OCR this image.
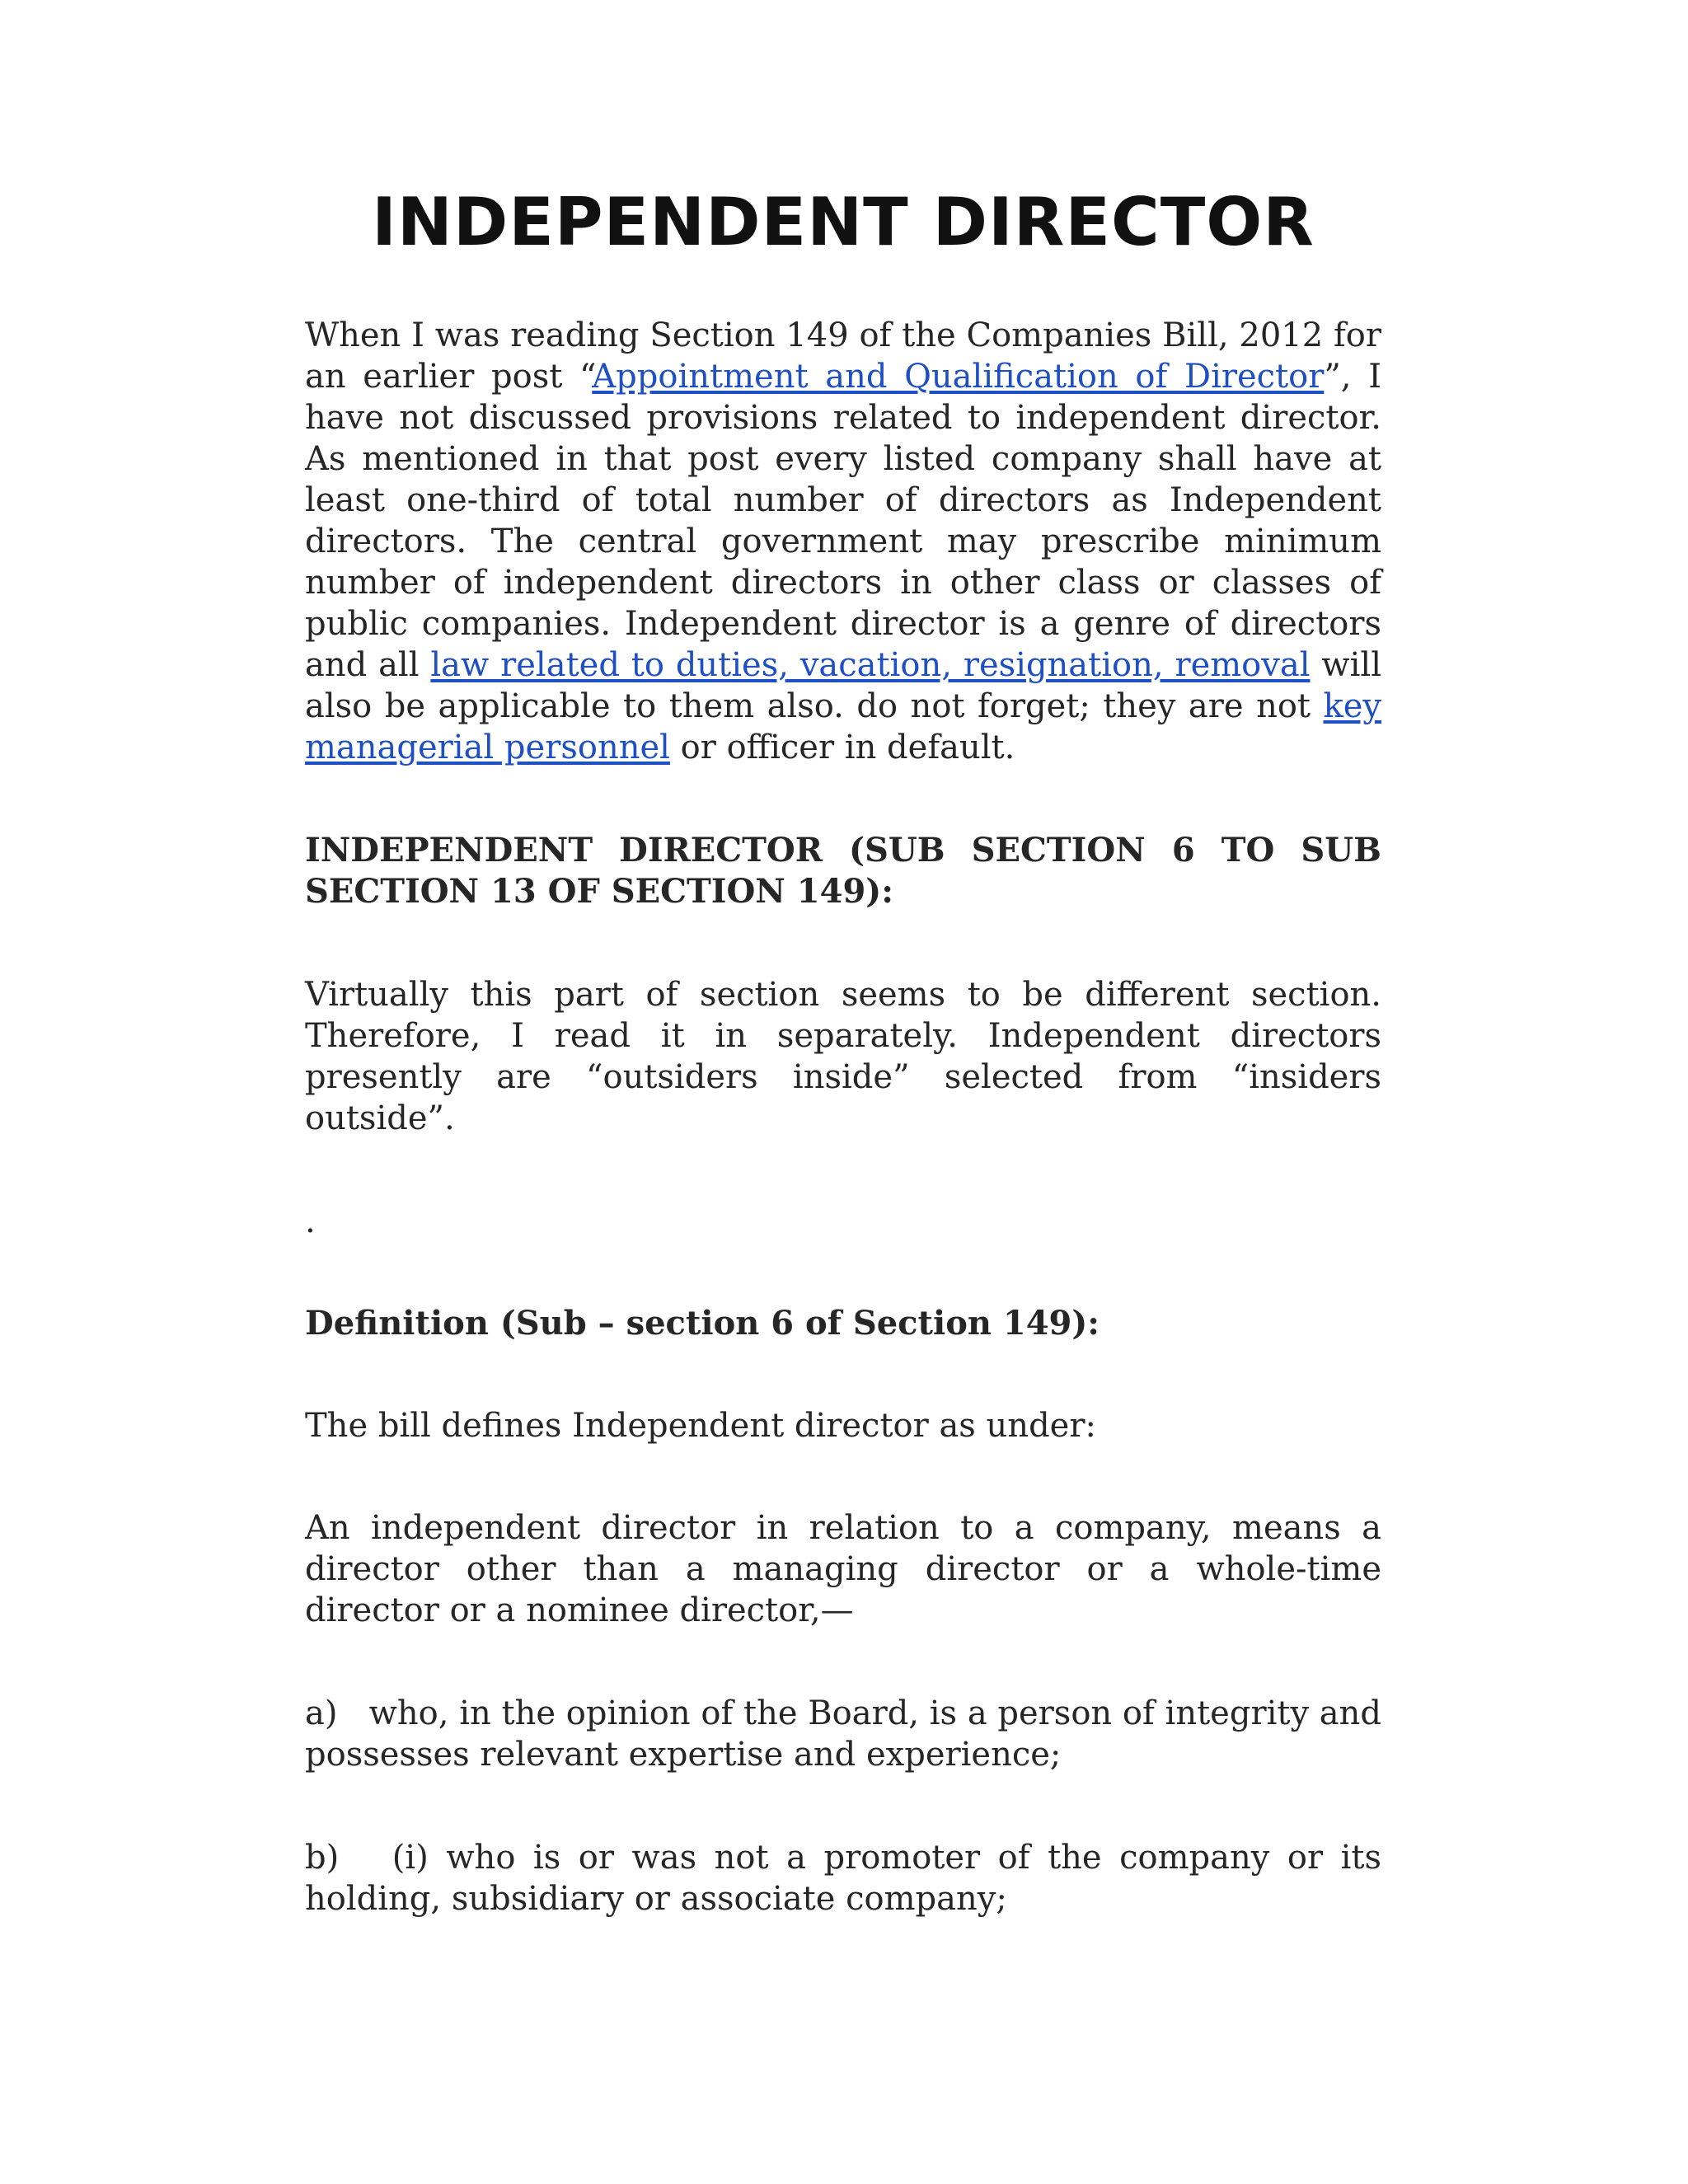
INDEPENDENT DIRECTOR

When I was reading Section 149 of the Companies Bill, 2012 for an earlier post “Appointment and Qualification of Director”, I have not discussed provisions related to independent director. As mentioned in that post every listed company shall have at least one-third of total number of directors as Independent directors. The central government may prescribe minimum number of independent directors in other class or classes of public companies. Independent director is a genre of directors and all law related to duties, vacation, resignation, removal will also be applicable to them also. do not forget; they are not key managerial personnel or officer in default.

INDEPENDENT DIRECTOR (SUB SECTION 6 TO SUB SECTION 13 OF SECTION 149):

Virtually this part of section seems to be different section. Therefore, I read it in separately. Independent directors presently are “outsiders inside” selected from “insiders outside”.

.

Definition (Sub – section 6 of Section 149):

The bill defines Independent director as under:

An independent director in relation to a company, means a director other than a managing director or a whole-time director or a nominee director,—

a)   who, in the opinion of the Board, is a person of integrity and possesses relevant expertise and experience;

b)   (i) who is or was not a promoter of the company or its holding, subsidiary or associate company;
